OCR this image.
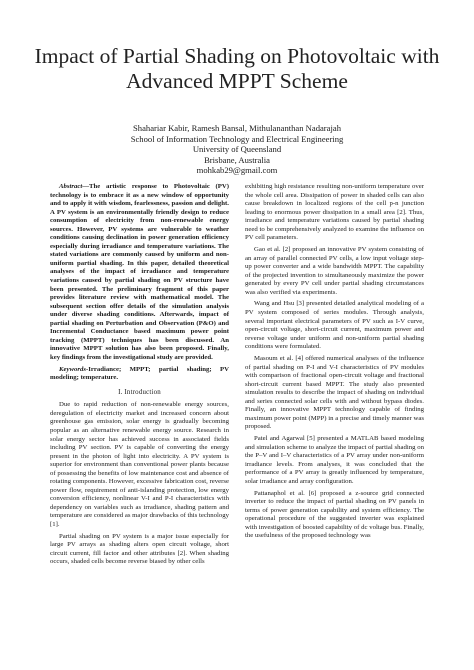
Impact of Partial Shading on Photovoltaic with
Advanced MPPT Scheme
Shahariar Kabir, Ramesh Bansal, Mithulananthan Nadarajah
School of Information Technology and Electrical Engineering
University of Queensland
Brisbane, Australia
mohkab29@gmail.com

Abstract—The artistic response to Photovoltaic (PV) technology is to embrace it as a new window of opportunity and to apply it with wisdom, fearlessness, passion and delight. A PV system is an environmentally friendly design to reduce consumption of electricity from non-renewable energy sources. However, PV systems are vulnerable to weather conditions causing declination in power generation efficiency especially during irradiance and temperature variations. The stated variations are commonly caused by uniform and non-uniform partial shading. In this paper, detailed theoretical analyses of the impact of irradiance and temperature variations caused by partial shading on PV structure have been presented. The preliminary fragment of this paper provides literature review with mathematical model. The subsequent section offer details of the simulation analysis under diverse shading conditions. Afterwards, impact of partial shading on Perturbation and Observation (P&O) and Incremental Conductance based maximum power point tracking (MPPT) techniques has been discussed. An innovative MPPT solution has also been proposed. Finally, key findings from the investigational study are provided.

Keywords-Irradiance; MPPT; partial shading; PV modeling; temperature.

I. Introduction

Due to rapid reduction of non-renewable energy sources, deregulation of electricity market and increased concern about greenhouse gas emission, solar energy is gradually becoming popular as an alternative renewable energy source. Research in solar energy sector has achieved success in associated fields including PV section. PV is capable of converting the energy present in the photon of light into electricity. A PV system is superior for environment than conventional power plants because of possessing the benefits of low maintenance cost and absence of rotating components. However, excessive fabrication cost, reverse power flow, requirement of anti-islanding protection, low energy conversion efficiency, nonlinear V-I and P-I characteristics with dependency on variables such as irradiance, shading pattern and temperature are considered as major drawbacks of this technology [1].

Partial shading on PV system is a major issue especially for large PV arrays as shading alters open circuit voltage, short circuit current, fill factor and other attributes [2]. When shading occurs, shaded cells become reverse biased by other cells

exhibiting high resistance resulting non-uniform temperature over the whole cell area. Dissipation of power in shaded cells can also cause breakdown in localized regions of the cell p-n junction leading to enormous power dissipation in a small area [2]. Thus, irradiance and temperature variations caused by partial shading need to be comprehensively analyzed to examine the influence on PV cell parameters.

Gao et al. [2] proposed an innovative PV system consisting of an array of parallel connected PV cells, a low input voltage step-up power converter and a wide bandwidth MPPT. The capability of the projected invention to simultaneously maximize the power generated by every PV cell under partial shading circumstances was also verified via experiments.

Wang and Hsu [3] presented detailed analytical modeling of a PV system composed of series modules. Through analysis, several important electrical parameters of PV such as I-V curve, open-circuit voltage, short-circuit current, maximum power and reverse voltage under uniform and non-uniform partial shading conditions were formulated.

Masoum et al. [4] offered numerical analyses of the influence of partial shading on P-I and V-I characteristics of PV modules with comparison of fractional open-circuit voltage and fractional short-circuit current based MPPT. The study also presented simulation results to describe the impact of shading on individual and series connected solar cells with and without bypass diodes. Finally, an innovative MPPT technology capable of finding maximum power point (MPP) in a precise and timely manner was proposed.

Patel and Agarwal [5] presented a MATLAB based modeling and simulation scheme to analyze the impact of partial shading on the P–V and I–V characteristics of a PV array under non-uniform irradiance levels. From analyses, it was concluded that the performance of a PV array is greatly influenced by temperature, solar irradiance and array configuration.

Pattanaphol et al. [6] proposed a z-source grid connected inverter to reduce the impact of partial shading on PV panels in terms of power generation capability and system efficiency. The operational procedure of the suggested inverter was explained with investigation of boosted capability of dc voltage bus. Finally, the usefulness of the proposed technology was
